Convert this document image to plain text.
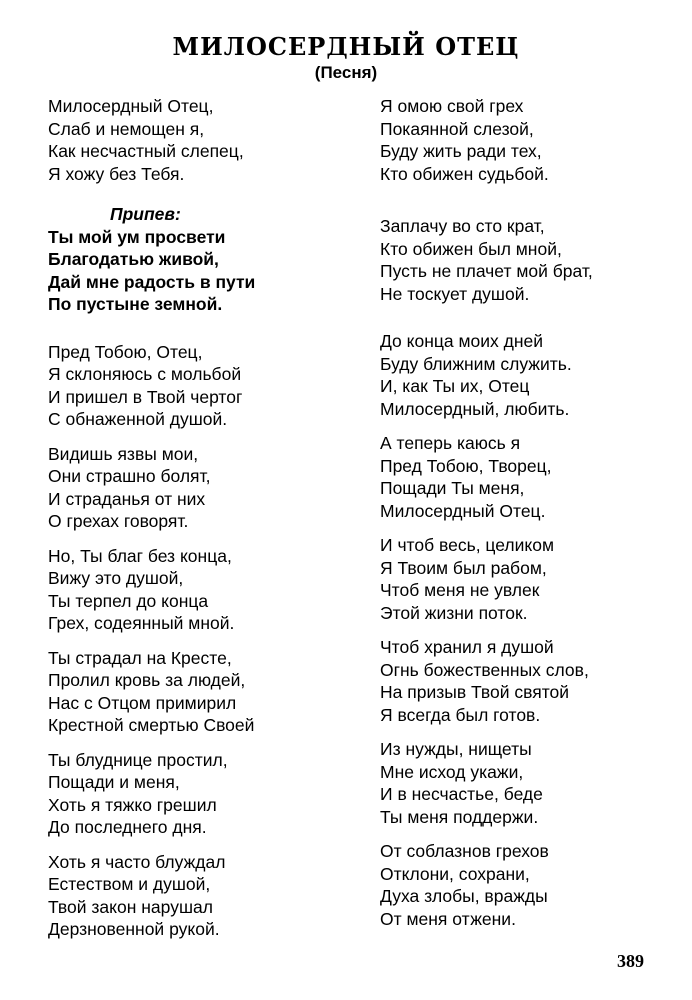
МИЛОСЕРДНЫЙ ОТЕЦ
(Песня)
Милосердный Отец,
Слаб и немощен я,
Как несчастный слепец,
Я хожу без Тебя.
Припев:
Ты мой ум просвети
Благодатью живой,
Дай мне радость в пути
По пустыне земной.
Пред Тобою, Отец,
Я склоняюсь с мольбой
И пришел в Твой чертог
С обнаженной душой.
Видишь язвы мои,
Они страшно болят,
И страданья от них
О грехах говорят.
Но, Ты благ без конца,
Вижу это душой,
Ты терпел до конца
Грех, содеянный мной.
Ты страдал на Кресте,
Пролил кровь за людей,
Нас с Отцом примирил
Крестной смертью Своей
Ты блуднице простил,
Пощади и меня,
Хоть я тяжко грешил
До последнего дня.
Хоть я часто блуждал
Естеством и душой,
Твой закон нарушал
Дерзновенной рукой.
Я омою свой грех
Покаянной слезой,
Буду жить ради тех,
Кто обижен судьбой.
Заплачу во сто крат,
Кто обижен был мной,
Пусть не плачет мой брат,
Не тоскует душой.
До конца моих дней
Буду ближним служить.
И, как Ты их, Отец
Милосердный, любить.
А теперь каюсь я
Пред Тобою, Творец,
Пощади Ты меня,
Милосердный Отец.
И чтоб весь, целиком
Я Твоим был рабом,
Чтоб меня не увлек
Этой жизни поток.
Чтоб хранил я душой
Огнь божественных слов,
На призыв Твой святой
Я всегда был готов.
Из нужды, нищеты
Мне исход укажи,
И в несчастье, беде
Ты меня поддержи.
От соблазнов грехов
Отклони, сохрани,
Духа злобы, вражды
От меня отжени.
389
